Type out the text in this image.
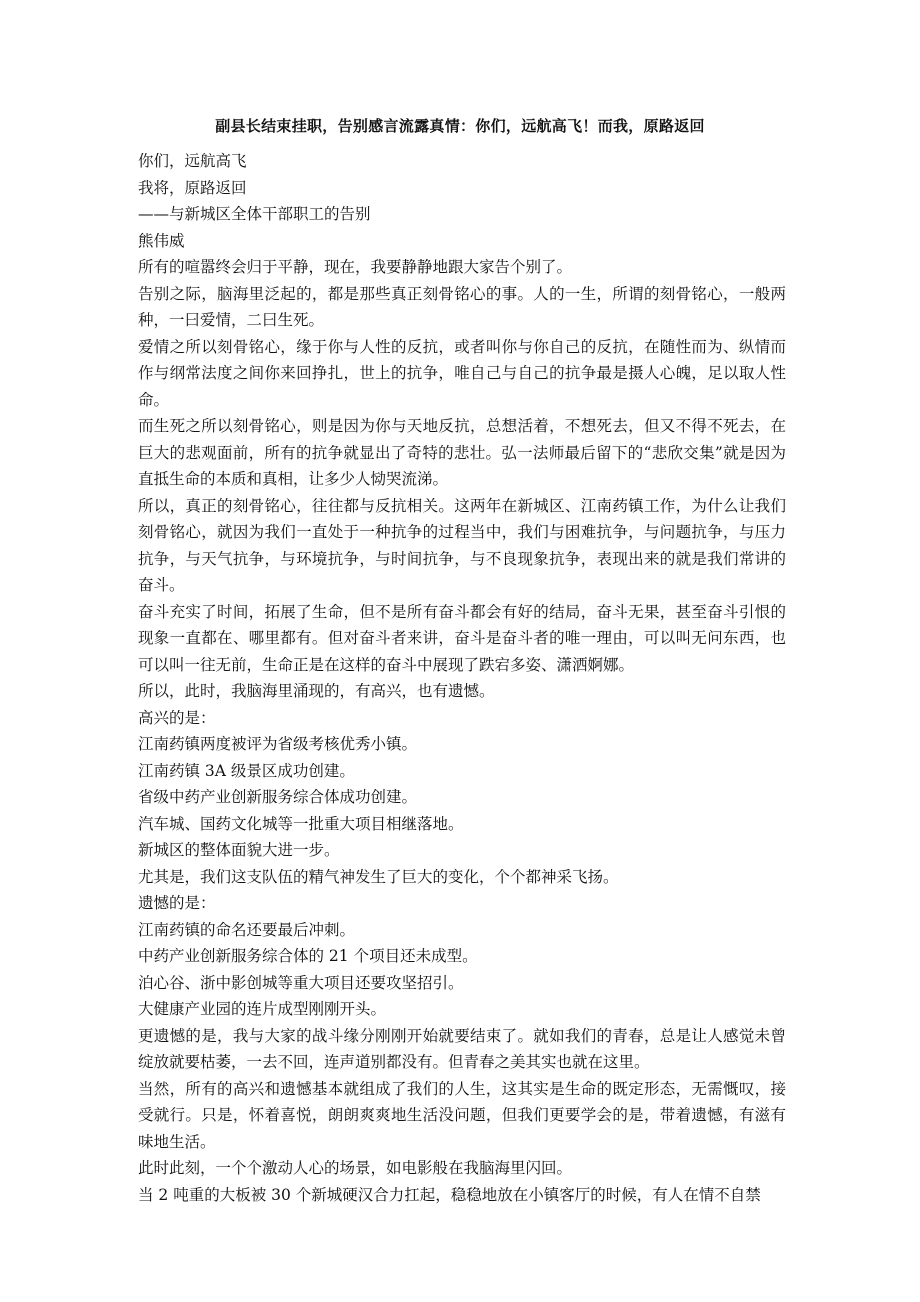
副县长结束挂职，告别感言流露真情：你们，远航高飞！而我，原路返回

你们，远航高飞

我将，原路返回

——与新城区全体干部职工的告别

熊伟威

所有的喧嚣终会归于平静，现在，我要静静地跟大家告个别了。

告别之际，脑海里泛起的，都是那些真正刻骨铭心的事。人的一生，所谓的刻骨铭心，一般两种，一曰爱情，二曰生死。

爱情之所以刻骨铭心，缘于你与人性的反抗，或者叫你与你自己的反抗，在随性而为、纵情而作与纲常法度之间你来回挣扎，世上的抗争，唯自己与自己的抗争最是摄人心魄，足以取人性命。

而生死之所以刻骨铭心，则是因为你与天地反抗，总想活着，不想死去，但又不得不死去，在巨大的悲观面前，所有的抗争就显出了奇特的悲壮。弘一法师最后留下的“悲欣交集”就是因为直抵生命的本质和真相，让多少人恸哭流涕。

所以，真正的刻骨铭心，往往都与反抗相关。这两年在新城区、江南药镇工作，为什么让我们刻骨铭心，就因为我们一直处于一种抗争的过程当中，我们与困难抗争，与问题抗争，与压力抗争，与天气抗争，与环境抗争，与时间抗争，与不良现象抗争，表现出来的就是我们常讲的奋斗。

奋斗充实了时间，拓展了生命，但不是所有奋斗都会有好的结局，奋斗无果，甚至奋斗引恨的现象一直都在、哪里都有。但对奋斗者来讲，奋斗是奋斗者的唯一理由，可以叫无问东西，也可以叫一往无前，生命正是在这样的奋斗中展现了跌宕多姿、潇洒婀娜。

所以，此时，我脑海里涌现的，有高兴，也有遗憾。

高兴的是：

江南药镇两度被评为省级考核优秀小镇。

江南药镇 3A 级景区成功创建。

省级中药产业创新服务综合体成功创建。

汽车城、国药文化城等一批重大项目相继落地。

新城区的整体面貌大进一步。

尤其是，我们这支队伍的精气神发生了巨大的变化，个个都神采飞扬。

遗憾的是：

江南药镇的命名还要最后冲刺。

中药产业创新服务综合体的 21 个项目还未成型。

泊心谷、浙中影创城等重大项目还要攻坚招引。

大健康产业园的连片成型刚刚开头。

更遗憾的是，我与大家的战斗缘分刚刚开始就要结束了。就如我们的青春，总是让人感觉未曾绽放就要枯萎，一去不回，连声道别都没有。但青春之美其实也就在这里。

当然，所有的高兴和遗憾基本就组成了我们的人生，这其实是生命的既定形态，无需慨叹，接受就行。只是，怀着喜悦，朗朗爽爽地生活没问题，但我们更要学会的是，带着遗憾，有滋有味地生活。

此时此刻，一个个激动人心的场景，如电影般在我脑海里闪回。

当 2 吨重的大板被 30 个新城硬汉合力扛起，稳稳地放在小镇客厅的时候，有人在情不自禁
